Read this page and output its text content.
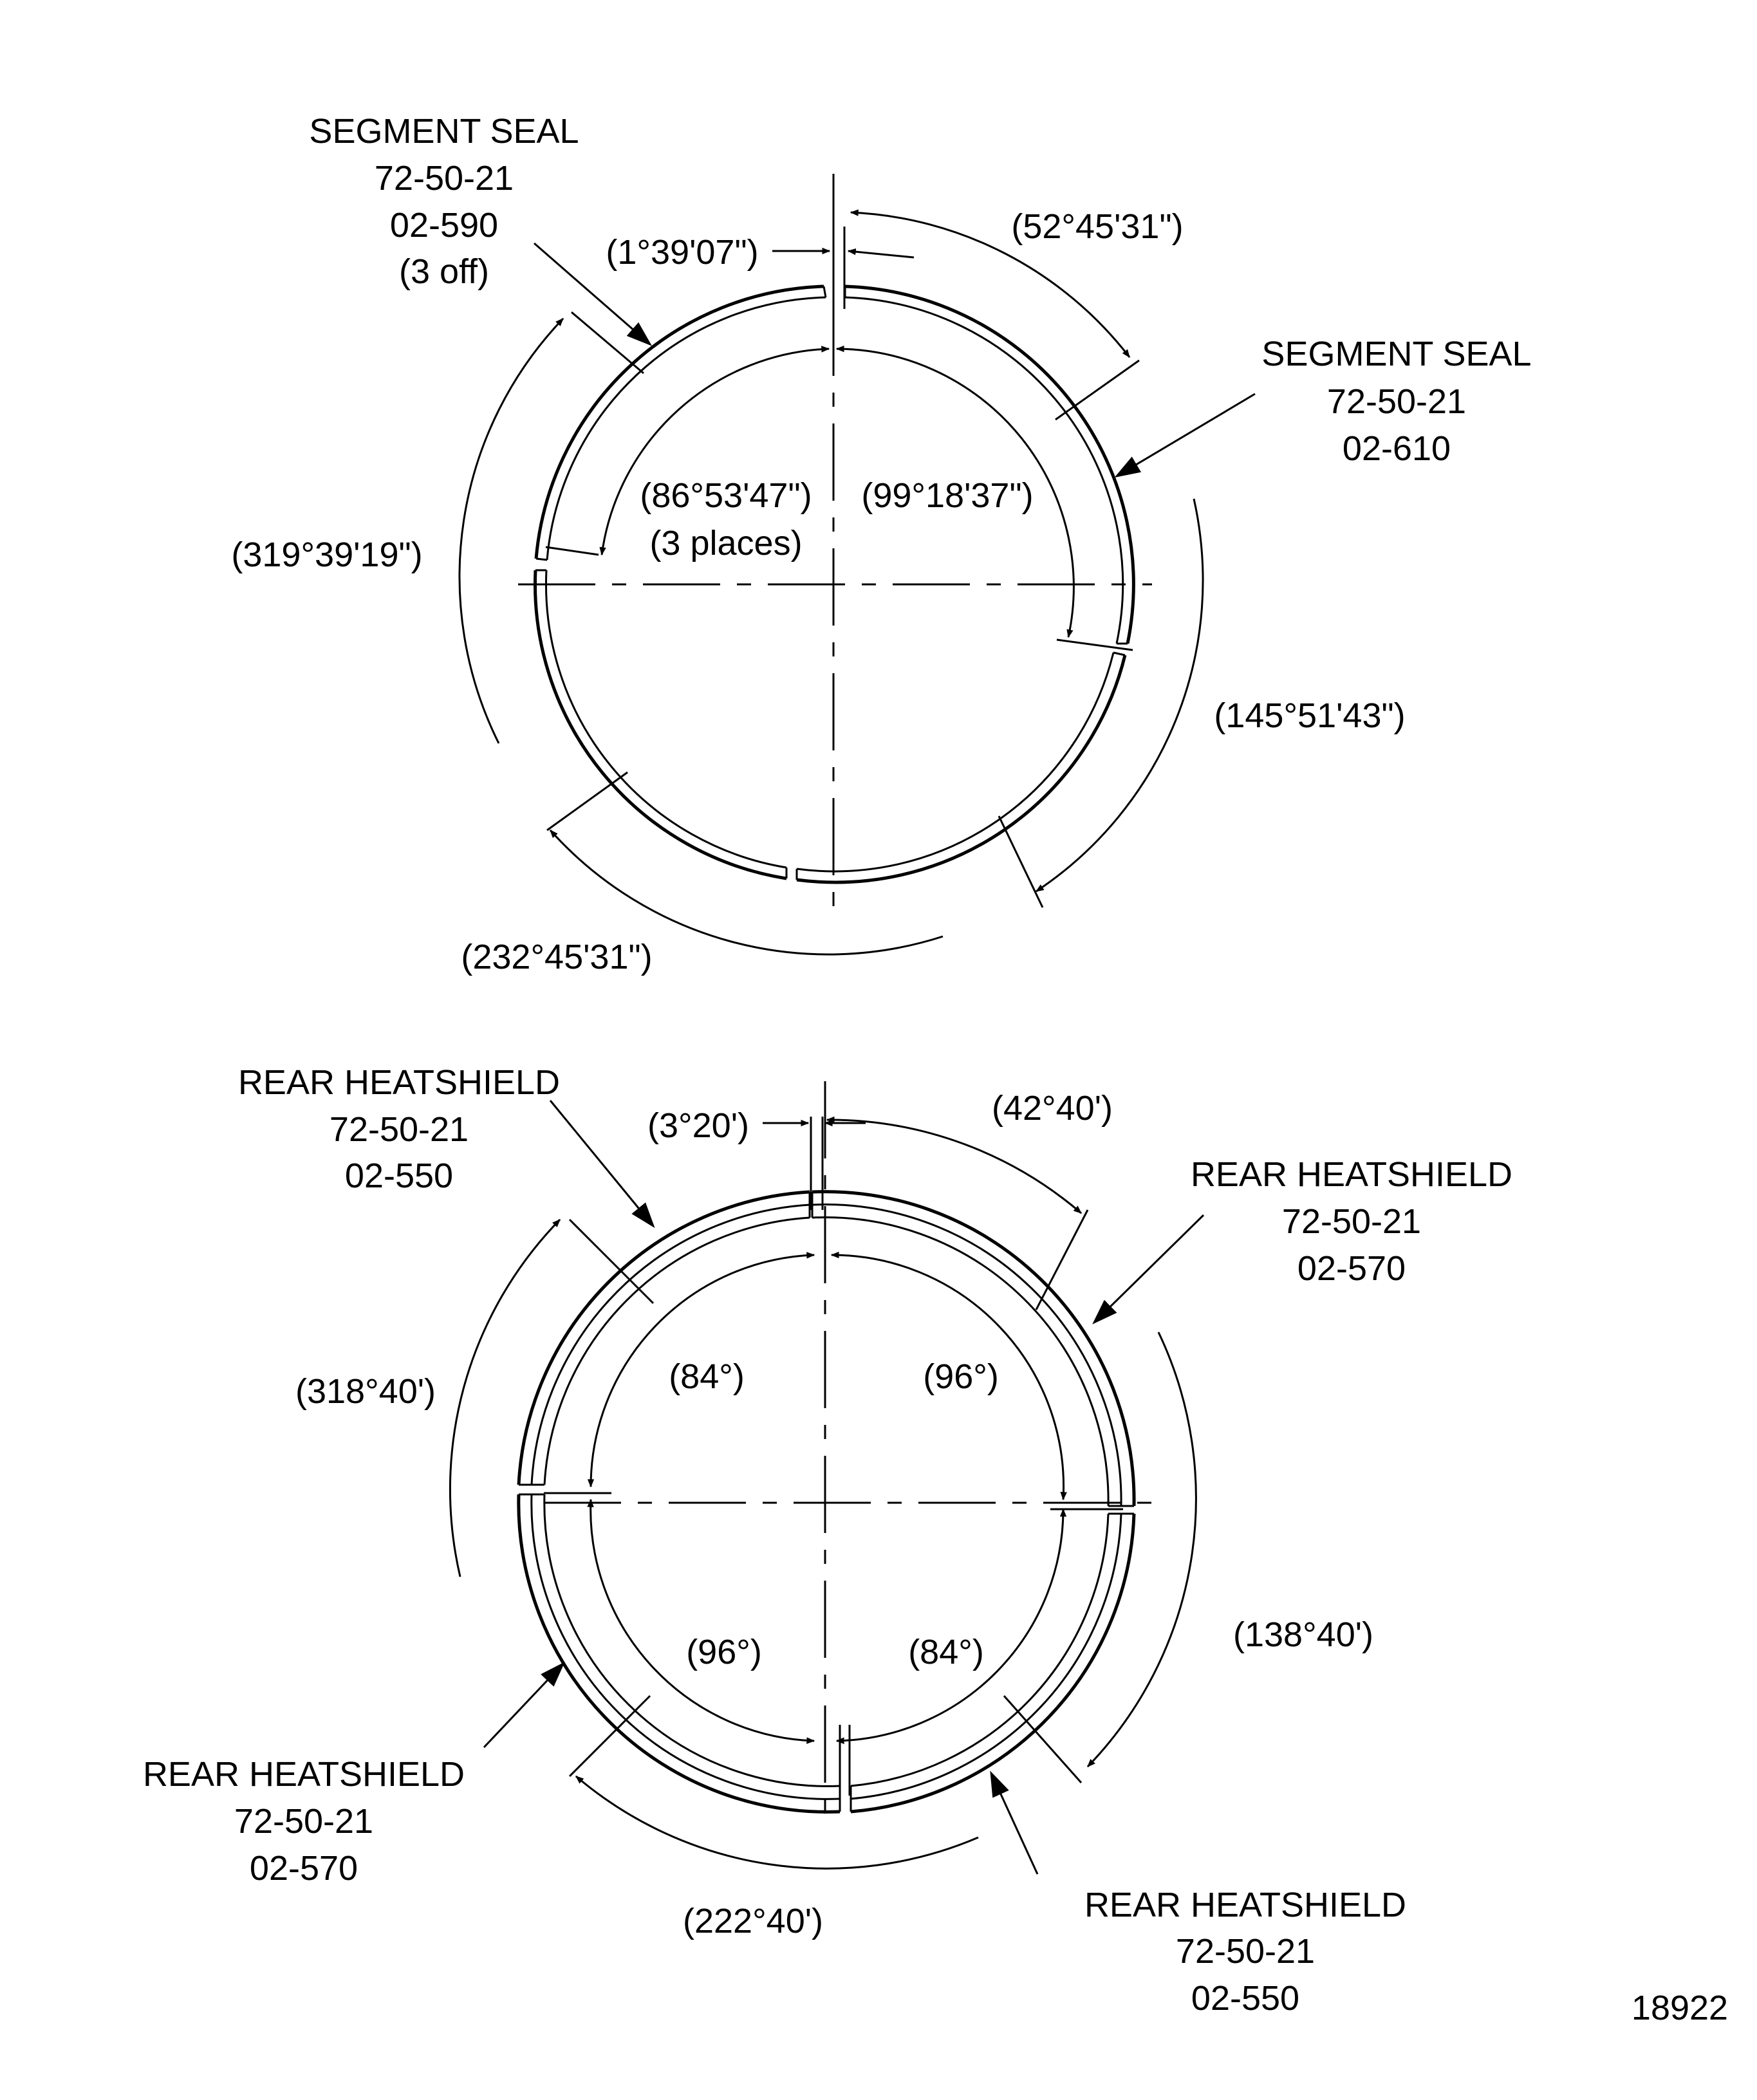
SEGMENT SEAL
72-50-21
02-590
(3 off)
SEGMENT SEAL
72-50-21
02-610
(1°39'07")
(52°45'31")
(86°53'47")
(3 places)
(99°18'37")
(319°39'19")
(145°51'43")
(232°45'31")
REAR HEATSHIELD
72-50-21
02-550	REAR HEATSHIELD
72-50-21
02-570
REAR HEATSHIELD
72-50-21
02-570
REAR HEATSHIELD
72-50-21
02-550
(3°20')	(42°40')
(318°40')	(84°)	(96°)
(96°)	(84°)	(138°40')
(222°40')
18922
